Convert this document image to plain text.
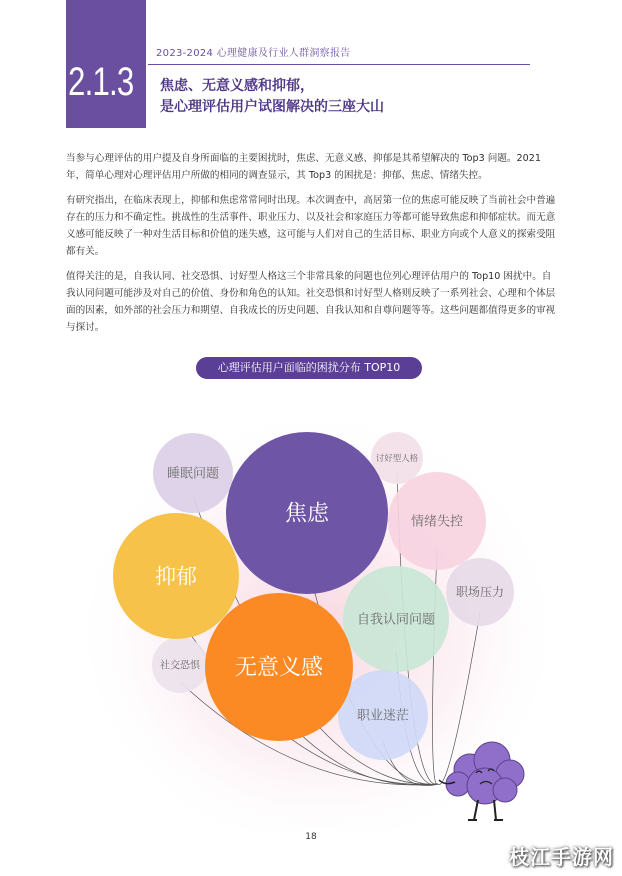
2.1.3
2023-2024 心理健康及行业人群洞察报告
焦虑、无意义感和抑郁，
是心理评估用户试图解决的三座大山

当参与心理评估的用户提及自身所面临的主要困扰时，焦虑、无意义感、抑郁是其希望解决的 Top3 问题。2021 年，简单心理对心理评估用户所做的相同的调查显示，其 Top3 的困扰是：抑郁、焦虑、情绪失控。

有研究指出，在临床表现上，抑郁和焦虑常常同时出现。本次调查中，高居第一位的焦虑可能反映了当前社会中普遍存在的压力和不确定性。挑战性的生活事件、职业压力、以及社会和家庭压力等都可能导致焦虑和抑郁症状。而无意义感可能反映了一种对生活目标和价值的迷失感，这可能与人们对自己的生活目标、职业方向或个人意义的探索受阻都有关。

值得关注的是，自我认同、社交恐惧、讨好型人格这三个非常具象的问题也位列心理评估用户的 Top10 困扰中。自我认同问题可能涉及对自己的价值、身份和角色的认知。社交恐惧和讨好型人格则反映了一系列社会、心理和个体层面的因素，如外部的社会压力和期望、自我成长的历史问题、自我认知和自尊问题等等。这些问题都值得更多的审视与探讨。

心理评估用户面临的困扰分布 TOP10
讨好型人格
社交恐惧
职场压力
睡眠问题
情绪失控
职业迷茫
自我认同问题
抑郁
无意义感
焦虑
18
枝江手游网
